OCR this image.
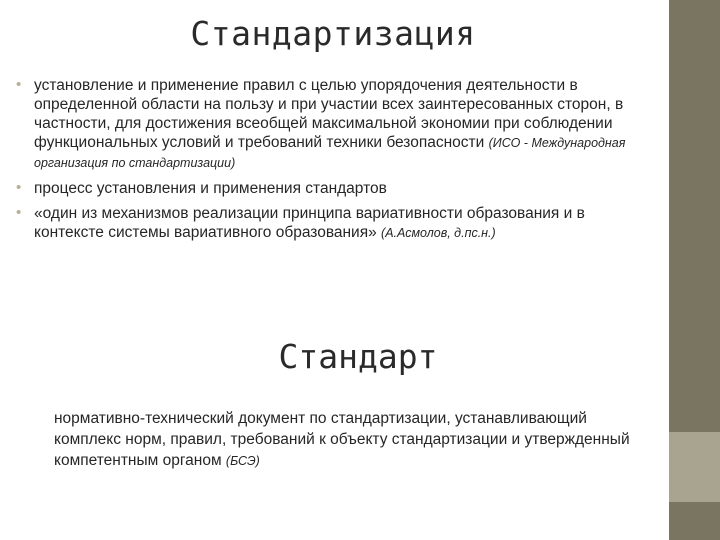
Стандартизация
• установление и применение правил с целью упорядочения деятельности в определенной области на пользу и при участии всех заинтересованных сторон, в частности, для достижения всеобщей максимальной экономии при соблюдении функциональных условий и требований техники безопасности (ИСО - Международная организация по стандартизации)
• процесс установления и применения стандартов
• «один из механизмов реализации принципа вариативности образования и в контексте системы вариативного образования» (А.Асмолов, д.пс.н.)
Стандарт
нормативно-технический документ по стандартизации, устанавливающий комплекс норм, правил, требований к объекту стандартизации и утвержденный компетентным органом (БСЭ)
